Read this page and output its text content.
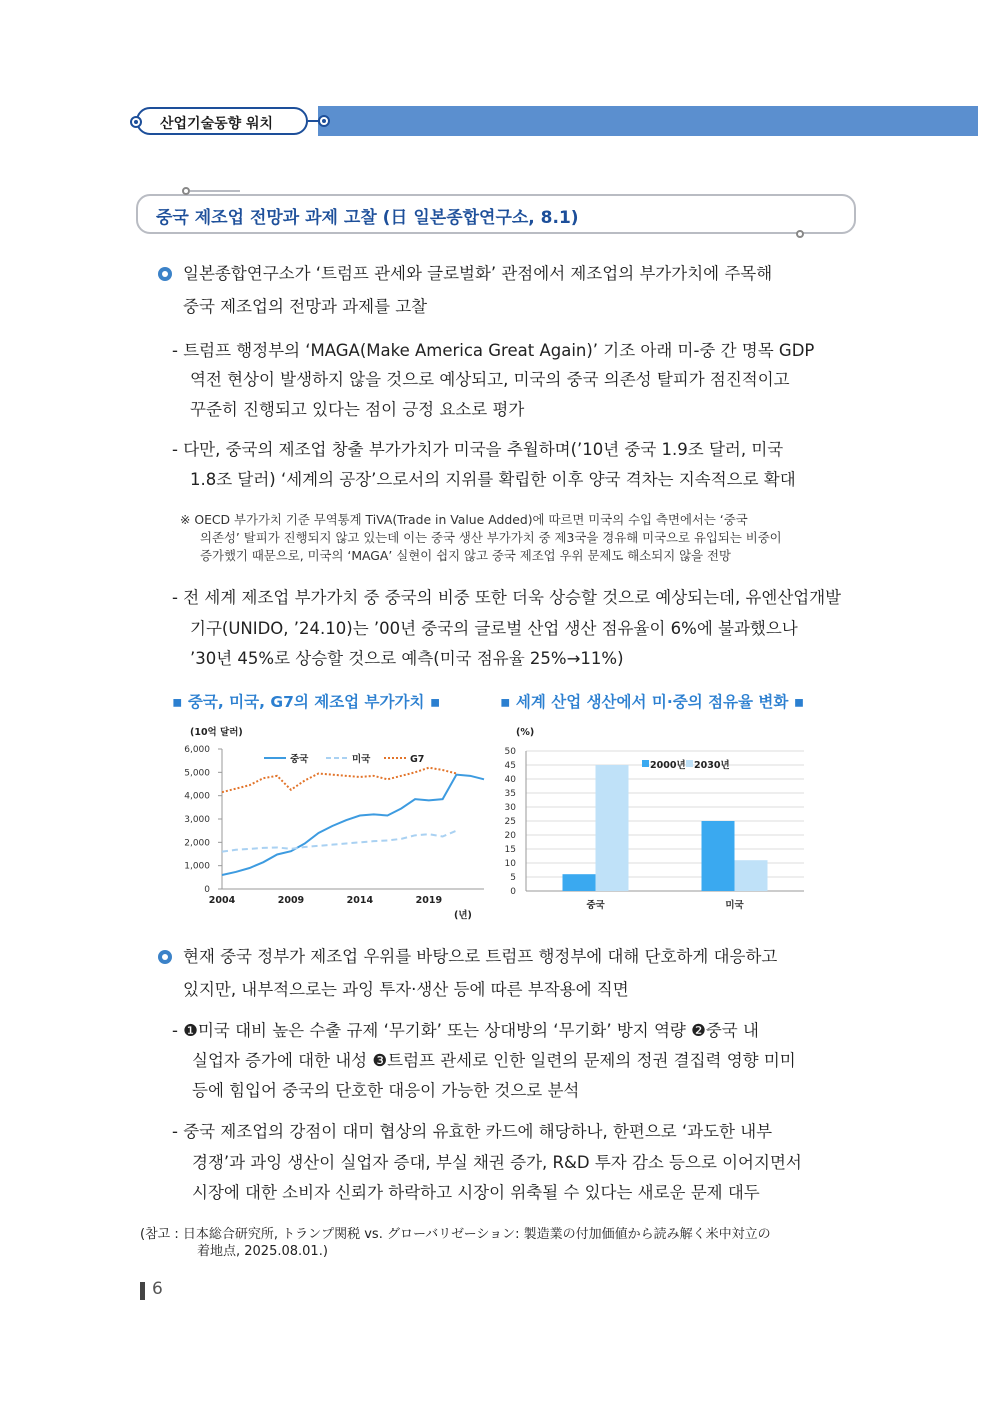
산업기술동향 워치
중국 제조업 전망과 과제 고찰 (日 일본종합연구소, 8.1)
일본종합연구소가 ‘트럼프 관세와 글로벌화’ 관점에서 제조업의 부가가치에 주목해
중국 제조업의 전망과 과제를 고찰
- 트럼프 행정부의 ‘MAGA(Make America Great Again)’ 기조 아래 미-중 간 명목 GDP
역전 현상이 발생하지 않을 것으로 예상되고, 미국의 중국 의존성 탈피가 점진적이고
꾸준히 진행되고 있다는 점이 긍정 요소로 평가
- 다만, 중국의 제조업 창출 부가가치가 미국을 추월하며(’10년 중국 1.9조 달러, 미국
1.8조 달러) ‘세계의 공장’으로서의 지위를 확립한 이후 양국 격차는 지속적으로 확대
※ OECD 부가가치 기준 무역통계 TiVA(Trade in Value Added)에 따르면 미국의 수입 측면에서는 ‘중국
의존성’ 탈피가 진행되지 않고 있는데 이는 중국 생산 부가가치 중 제3국을 경유해 미국으로 유입되는 비중이
증가했기 때문으로, 미국의 ‘MAGA’ 실현이 쉽지 않고 중국 제조업 우위 문제도 해소되지 않을 전망
- 전 세계 제조업 부가가치 중 중국의 비중 또한 더욱 상승할 것으로 예상되는데, 유엔산업개발
기구(UNIDO, ’24.10)는 ’00년 중국의 글로벌 산업 생산 점유율이 6%에 불과했으나
’30년 45%로 상승할 것으로 예측(미국 점유율 25%→11%)
▪ 중국, 미국, G7의 제조업 부가가치 ▪	▪ 세계 산업 생산에서 미·중의 점유율 변화 ▪
(10억 달러)
(년)
0
1,000
2,000
3,000
4,000
5,000
6,000
2004	2009	2014	2019
중국	미국	G7
(%)
0
5
10
15
20
25
30
35
40
45
50
중국	미국
2000년 2030년
현재 중국 정부가 제조업 우위를 바탕으로 트럼프 행정부에 대해 단호하게 대응하고
있지만, 내부적으로는 과잉 투자·생산 등에 따른 부작용에 직면
- ❶미국 대비 높은 수출 규제 ‘무기화’ 또는 상대방의 ‘무기화’ 방지 역량 ❷중국 내
실업자 증가에 대한 내성 ❸트럼프 관세로 인한 일련의 문제의 정권 결집력 영향 미미
등에 힘입어 중국의 단호한 대응이 가능한 것으로 분석
- 중국 제조업의 강점이 대미 협상의 유효한 카드에 해당하나, 한편으로 ‘과도한 내부
경쟁’과 과잉 생산이 실업자 증대, 부실 채권 증가, R&D 투자 감소 등으로 이어지면서
시장에 대한 소비자 신뢰가 하락하고 시장이 위축될 수 있다는 새로운 문제 대두
(참고 : 日本総合研究所, トランプ関税 vs. グローバリゼーション: 製造業の付加価値から読み解く米中対立の
着地点, 2025.08.01.)
6
